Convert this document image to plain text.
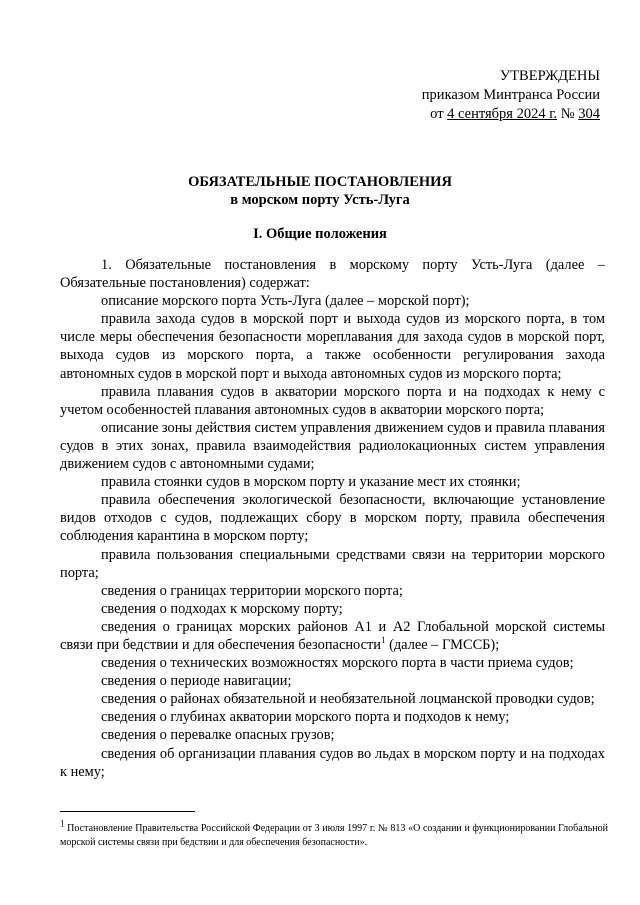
УТВЕРЖДЕНЫ
приказом Минтранса России
от 4 сентября 2024 г. № 304
ОБЯЗАТЕЛЬНЫЕ ПОСТАНОВЛЕНИЯ
в морском порту Усть-Луга
I. Общие положения

1. Обязательные постановления в морскому порту Усть-Луга (далее – Обязательные постановления) содержат:

описание морского порта Усть-Луга (далее – морской порт);

правила захода судов в морской порт и выхода судов из морского порта, в том числе меры обеспечения безопасности мореплавания для захода судов в морской порт, выхода судов из морского порта, а также особенности регулирования захода автономных судов в морской порт и выхода автономных судов из морского порта;

правила плавания судов в акватории морского порта и на подходах к нему с учетом особенностей плавания автономных судов в акватории морского порта;

описание зоны действия систем управления движением судов и правила плавания судов в этих зонах, правила взаимодействия радиолокационных систем управления движением судов с автономными судами;

правила стоянки судов в морском порту и указание мест их стоянки;

правила обеспечения экологической безопасности, включающие установление видов отходов с судов, подлежащих сбору в морском порту, правила обеспечения соблюдения карантина в морском порту;

правила пользования специальными средствами связи на территории морского порта;

сведения о границах территории морского порта;

сведения о подходах к морскому порту;

сведения о границах морских районов А1 и А2 Глобальной морской системы связи при бедствии и для обеспечения безопасности$^1$ (далее – ГМССБ);

сведения о технических возможностях морского порта в части приема судов;

сведения о периоде навигации;

сведения о районах обязательной и необязательной лоцманской проводки судов;

сведения о глубинах акватории морского порта и подходов к нему;

сведения о перевалке опасных грузов;

сведения об организации плавания судов во льдах в морском порту и на подходах к нему;

1 Постановление Правительства Российской Федерации от 3 июля 1997 г. № 813 «О создании и функционировании Глобальной морской системы связи при бедствии и для обеспечения безопасности».
